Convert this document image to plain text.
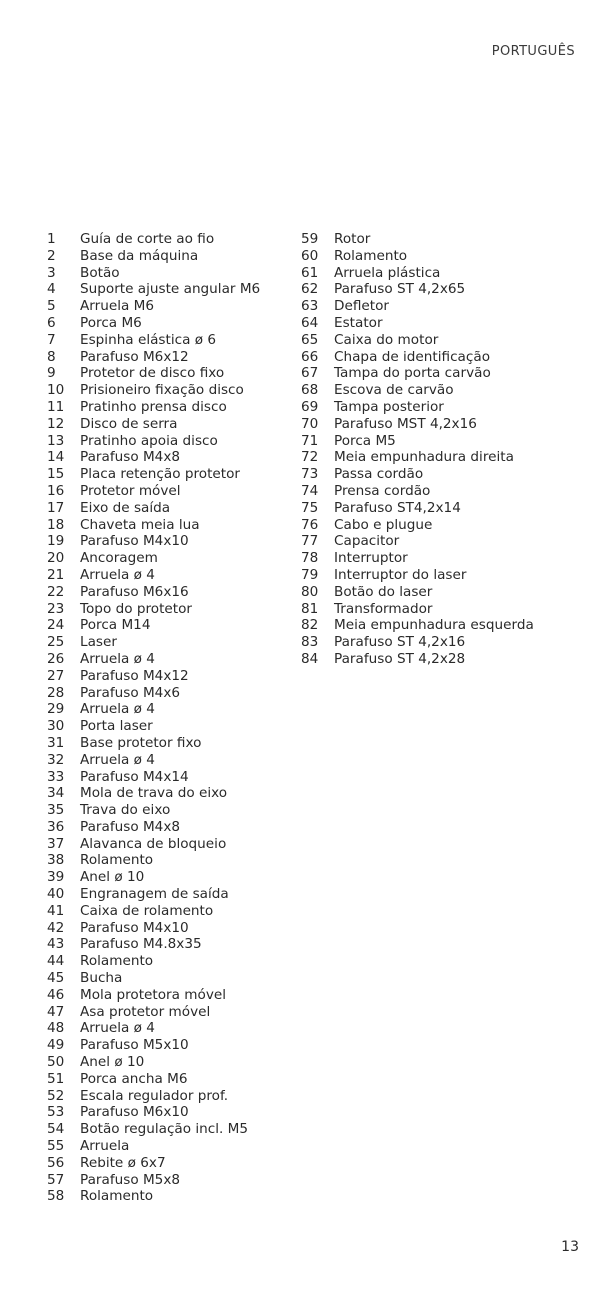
PORTUGUÊS
1	Guía de corte ao fio
2	Base da máquina
3	Botão
4	Suporte ajuste angular M6
5	Arruela M6
6	Porca M6
7	Espinha elástica ø 6
8	Parafuso M6x12
9	Protetor de disco fixo
10	Prisioneiro fixação disco
11	Pratinho prensa disco
12	Disco de serra
13	Pratinho apoia disco
14	Parafuso M4x8
15	Placa retenção protetor
16	Protetor móvel
17	Eixo de saída
18	Chaveta meia lua
19	Parafuso M4x10
20	Ancoragem
21	Arruela ø 4
22	Parafuso M6x16
23	Topo do protetor
24	Porca M14
25	Laser
26	Arruela ø 4
27	Parafuso M4x12
28	Parafuso M4x6
29	Arruela ø 4
30	Porta laser
31	Base protetor fixo
32	Arruela ø 4
33	Parafuso M4x14
34	Mola de trava do eixo
35	Trava do eixo
36	Parafuso M4x8
37	Alavanca de bloqueio
38	Rolamento
39	Anel ø 10
40	Engranagem de saída
41	Caixa de rolamento
42	Parafuso M4x10
43	Parafuso M4.8x35
44	Rolamento
45	Bucha
46	Mola protetora móvel
47	Asa protetor móvel
48	Arruela ø 4
49	Parafuso M5x10
50	Anel ø 10
51	Porca ancha M6
52	Escala regulador prof.
53	Parafuso M6x10
54	Botão regulação incl. M5
55	Arruela
56	Rebite ø 6x7
57	Parafuso M5x8
58	Rolamento
59	Rotor
60	Rolamento
61	Arruela plástica
62	Parafuso ST 4,2x65
63	Defletor
64	Estator
65	Caixa do motor
66	Chapa de identificação
67	Tampa do porta carvão
68	Escova de carvão
69	Tampa posterior
70	Parafuso MST 4,2x16
71	Porca M5
72	Meia empunhadura direita
73	Passa cordão
74	Prensa cordão
75	Parafuso ST4,2x14
76	Cabo e plugue
77	Capacitor
78	Interruptor
79	Interruptor do laser
80	Botão do laser
81	Transformador
82	Meia empunhadura esquerda
83	Parafuso ST 4,2x16
84	Parafuso ST 4,2x28
13
